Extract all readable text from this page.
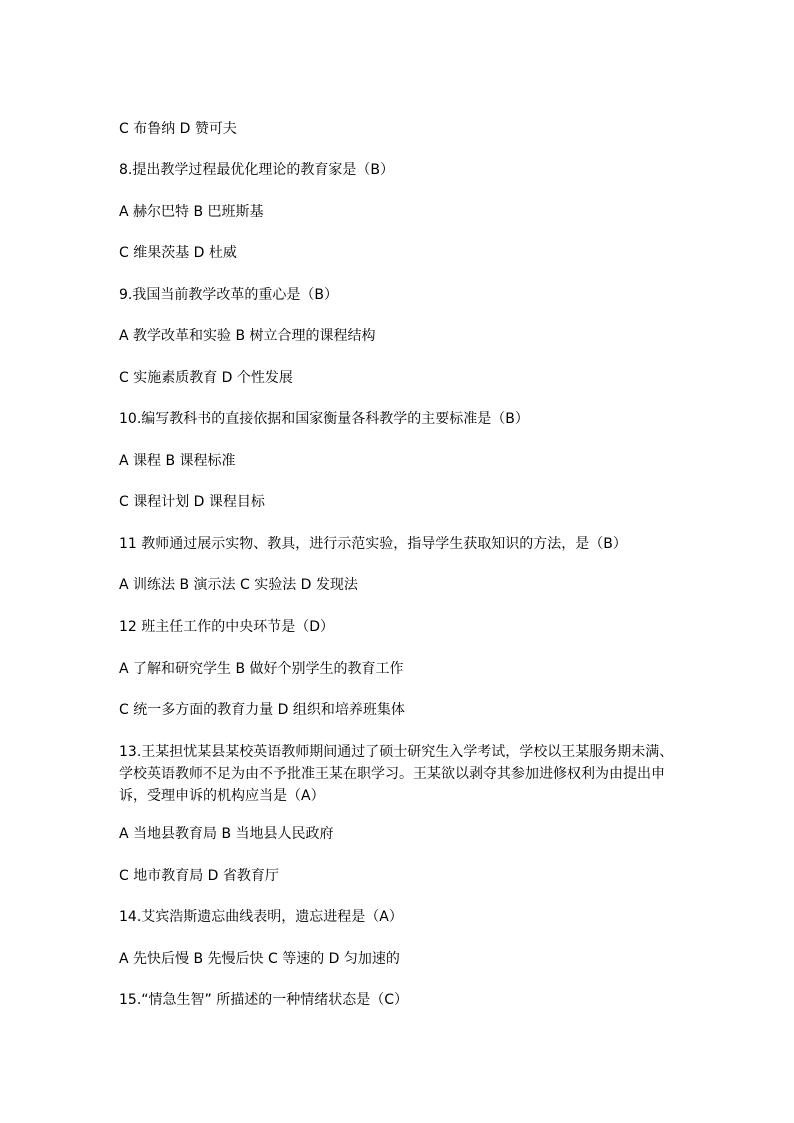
C 布鲁纳 D 赞可夫
8.提出教学过程最优化理论的教育家是（B）
A 赫尔巴特 B 巴班斯基
C 维果茨基 D 杜威
9.我国当前教学改革的重心是（B）
A 教学改革和实验 B 树立合理的课程结构
C 实施素质教育 D 个性发展
10.编写教科书的直接依据和国家衡量各科教学的主要标准是（B）
A 课程 B 课程标准
C 课程计划 D 课程目标
11 教师通过展示实物、教具，进行示范实验，指导学生获取知识的方法，是（B）
A 训练法 B 演示法 C 实验法 D 发现法
12 班主任工作的中央环节是（D）
A 了解和研究学生 B 做好个别学生的教育工作
C 统一多方面的教育力量 D 组织和培养班集体
13.王某担忧某县某校英语教师期间通过了硕士研究生入学考试，学校以王某服务期未满、学校英语教师不足为由不予批准王某在职学习。王某欲以剥夺其参加进修权利为由提出申诉，受理申诉的机构应当是（A）
A 当地县教育局 B 当地县人民政府
C 地市教育局 D 省教育厅
14.艾宾浩斯遗忘曲线表明，遗忘进程是（A）
A 先快后慢 B 先慢后快 C 等速的 D 匀加速的
15.“情急生智” 所描述的一种情绪状态是（C）
